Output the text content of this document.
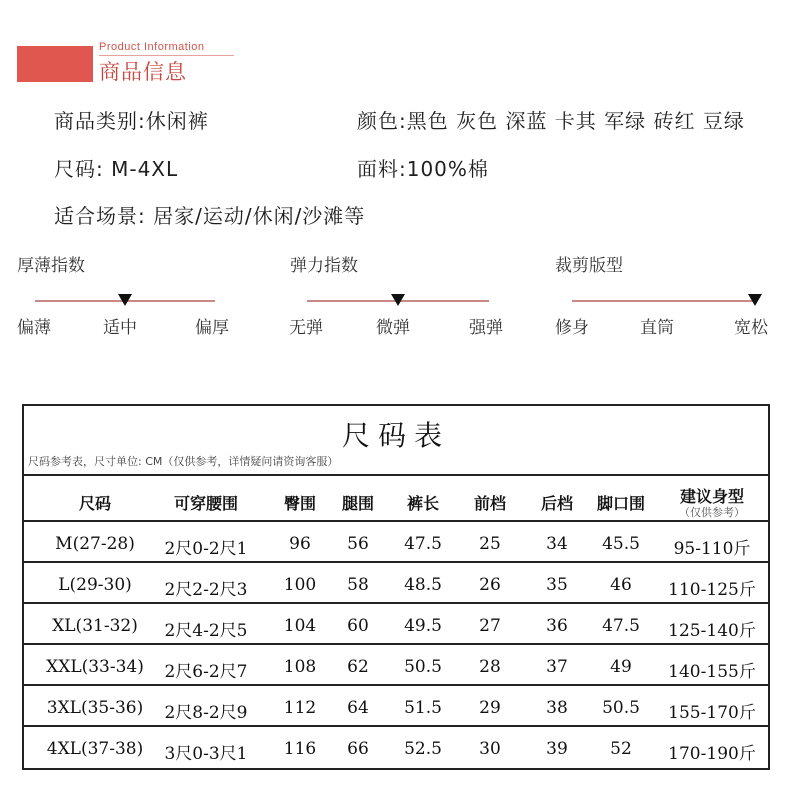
Product Information
商品信息
商品类别:休闲裤	颜色:黑色 灰色 深蓝 卡其 军绿 砖红 豆绿
尺码: M-4XL	面料:100%棉
适合场景: 居家/运动/休闲/沙滩等
厚薄指数
偏薄	适中	偏厚
弹力指数
无弹	微弹	强弹
裁剪版型
修身	直筒	宽松
尺码表
尺码参考表，尺寸单位: CM（仅供参考，详情疑问请资询客服）
尺码	可穿腰围	臀围 腿围 裤长 前档 后档 脚口围 建议身型
（仅供参考）
M(27-28) 2尺0-2尺1 96 56 47.5 25	34 45.5 95-110斤
L(29-30) 2尺2-2尺3 100 58 48.5 26	35 46 110-125斤
XL(31-32) 2尺4-2尺5 104 60 49.5 27	36 47.5 125-140斤
XXL(33-34) 2尺6-2尺7 108 62 50.5 28	37 49 140-155斤
3XL(35-36) 2尺8-2尺9 112 64 51.5 29	38 50.5 155-170斤
4XL(37-38) 3尺0-3尺1 116 66 52.5 30	39 52 170-190斤
